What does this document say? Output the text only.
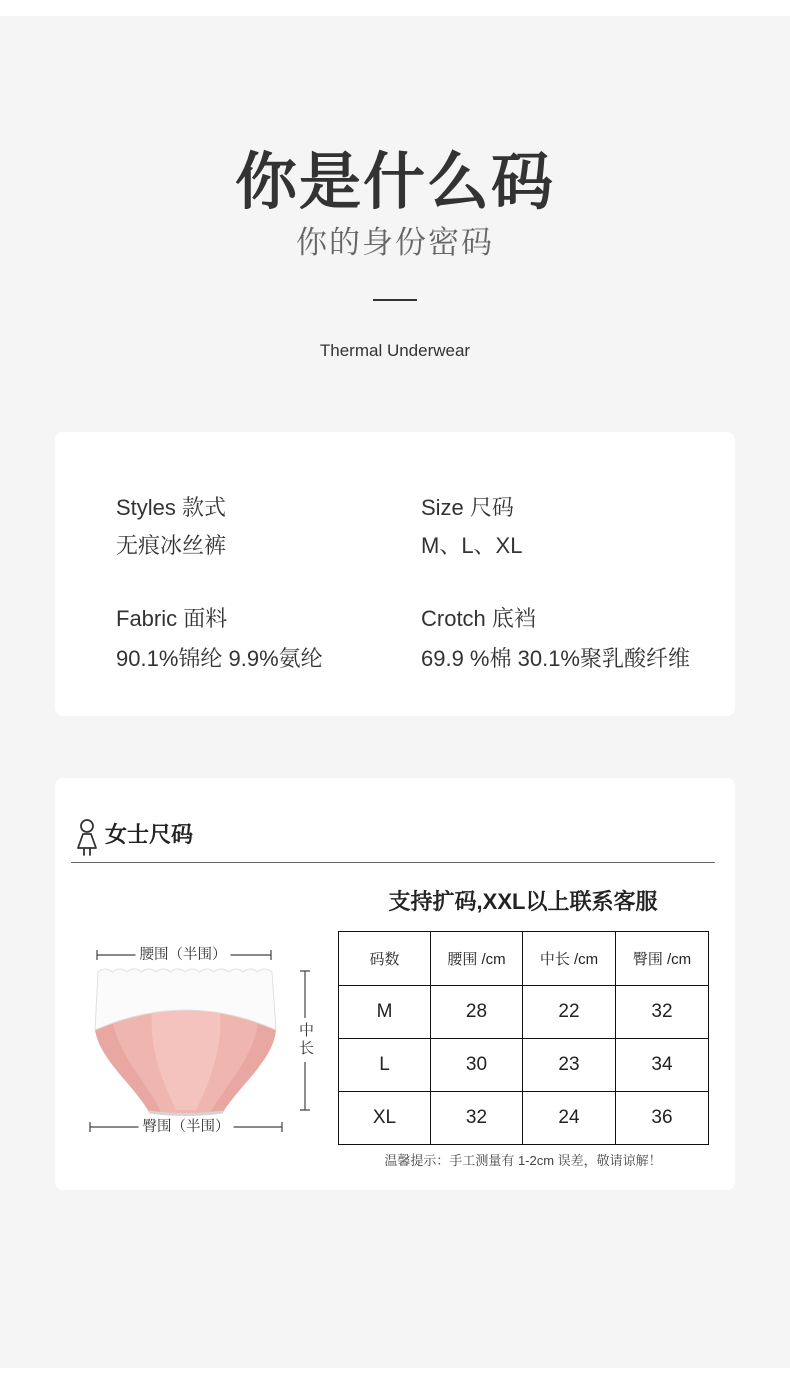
你是什么码
你的身份密码
Thermal Underwear
Styles 款式
无痕冰丝裤
Size 尺码
M、L、XL
Fabric 面料
90.1%锦纶 9.9%氨纶
Crotch 底裆
69.9 %棉 30.1%聚乳酸纤维
女士尺码
腰围（半围）
臀围（半围）
中长
支持扩码,XXL以上联系客服
码数	腰围 /cm	中长 /cm	臀围 /cm
M	28	22	32
L	30	23	34
XL	32	24	36
温馨提示：手工测量有 1-2cm 误差，敬请谅解！
